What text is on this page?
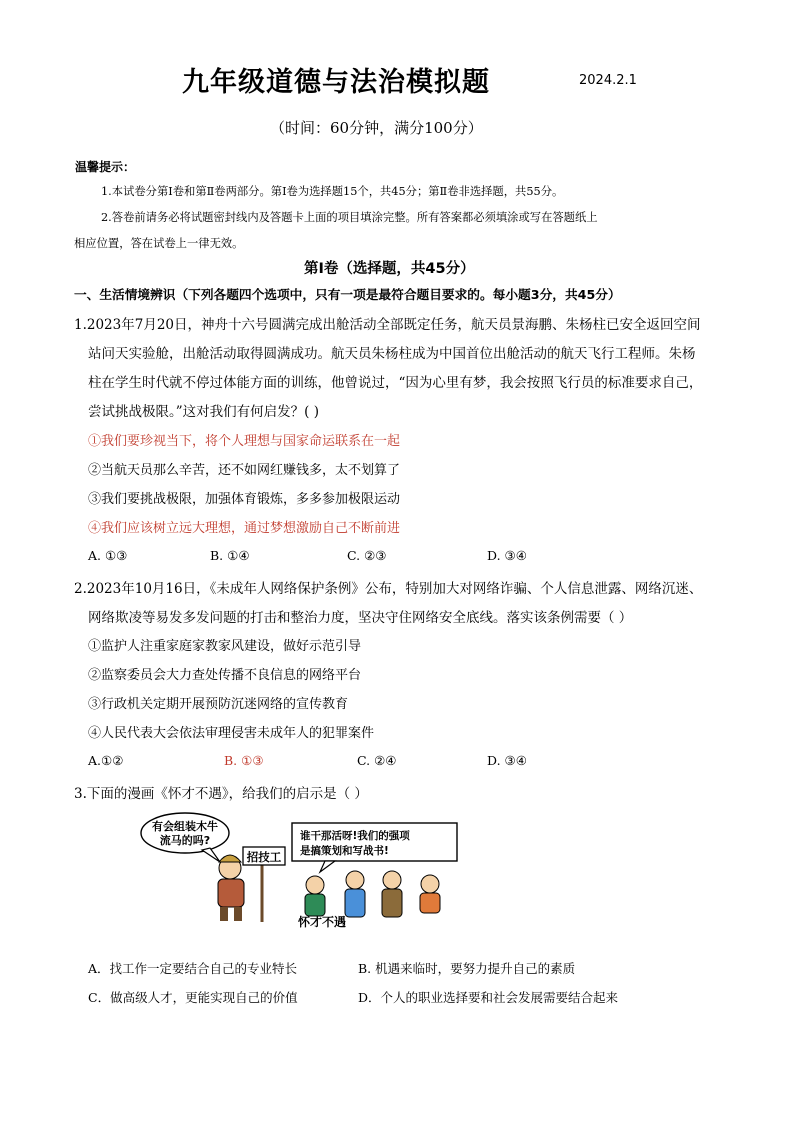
九年级道德与法治模拟题	2024.2.1
（时间：60分钟，满分100分）
温馨提示：
1.本试卷分第Ⅰ卷和第Ⅱ卷两部分。第Ⅰ卷为选择题15个，共45分；第Ⅱ卷非选择题，共55分。
2.答卷前请务必将试题密封线内及答题卡上面的项目填涂完整。所有答案都必须填涂或写在答题纸上
相应位置，答在试卷上一律无效。
第Ⅰ卷（选择题，共45分）
一、生活情境辨识（下列各题四个选项中，只有一项是最符合题目要求的。每小题3分，共45分）
1.2023年7月20日，神舟十六号圆满完成出舱活动全部既定任务，航天员景海鹏、朱杨柱已安全返回空间
站问天实验舱，出舱活动取得圆满成功。航天员朱杨柱成为中国首位出舱活动的航天飞行工程师。朱杨
柱在学生时代就不停过体能方面的训练，他曾说过，“因为心里有梦，我会按照飞行员的标准要求自己，
尝试挑战极限。”这对我们有何启发？( )
①我们要珍视当下，将个人理想与国家命运联系在一起
②当航天员那么辛苦，还不如网红赚钱多，太不划算了
③我们要挑战极限，加强体育锻炼，多多参加极限运动
④我们应该树立远大理想，通过梦想激励自己不断前进
A. ①③	B. ①④	C. ②③	D. ③④
2.2023年10月16日，《未成年人网络保护条例》公布，特别加大对网络诈骗、个人信息泄露、网络沉迷、
网络欺凌等易发多发问题的打击和整治力度，坚决守住网络安全底线。落实该条例需要（ ）
①监护人注重家庭家教家风建设，做好示范引导
②监察委员会大力查处传播不良信息的网络平台
③行政机关定期开展预防沉迷网络的宣传教育
④人民代表大会依法审理侵害未成年人的犯罪案件
A.①②	B. ①③	C. ②④	D. ③④
3.下面的漫画《怀才不遇》，给我们的启示是（ ）
有会组装木牛
流马的吗?
招技工
谁干那活呀!我们的强项
是搞策划和写战书!
怀才不遇
A．找工作一定要结合自己的专业特长	B. 机遇来临时，要努力提升自己的素质
C．做高级人才，更能实现自己的价值	D．个人的职业选择要和社会发展需要结合起来
